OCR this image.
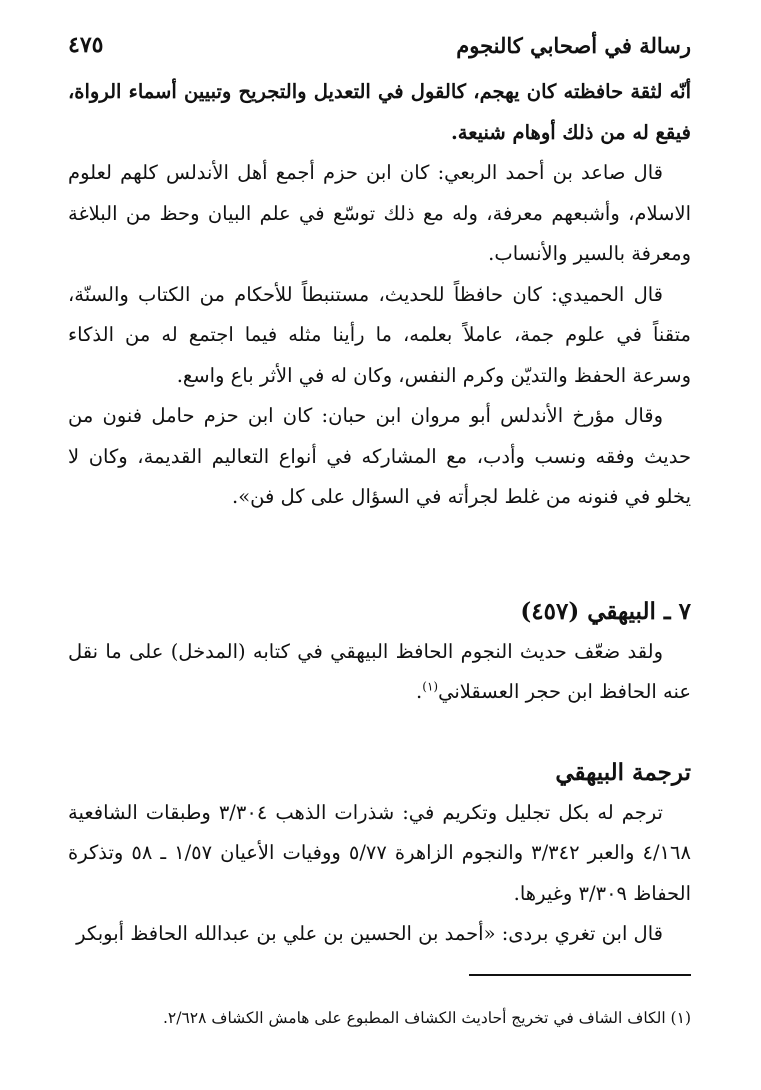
رسالة في أصحابي كالنجوم
٤٧٥

أنّه لثقة حافظته كان يهجم، كالقول في التعديل والتجريح وتبيين أسماء الرواة، فيقع له من ذلك أوهام شنيعة.

قال صاعد بن أحمد الربعي: كان ابن حزم أجمع أهل الأندلس كلهم لعلوم الاسلام، وأشبعهم معرفة، وله مع ذلك توسّع في علم البيان وحظ من البلاغة ومعرفة بالسير والأنساب.

قال الحميدي: كان حافظاً للحديث، مستنبطاً للأحكام من الكتاب والسنّة، متقناً في علوم جمة، عاملاً بعلمه، ما رأينا مثله فيما اجتمع له من الذكاء وسرعة الحفظ والتديّن وكرم النفس، وكان له في الأثر باع واسع.

وقال مؤرخ الأندلس أبو مروان ابن حبان: كان ابن حزم حامل فنون من حديث وفقه ونسب وأدب، مع المشاركه في أنواع التعاليم القديمة، وكان لا يخلو في فنونه من غلط لجرأته في السؤال على كل فن».

٧ ـ البيهقي (٤٥٧)

ولقد ضعّف حديث النجوم الحافظ البيهقي في كتابه (المدخل) على ما نقل عنه الحافظ ابن حجر العسقلاني$^{(١)}$.

ترجمة البيهقي

ترجم له بكل تجليل وتكريم في: شذرات الذهب ٣/٣٠٤ وطبقات الشافعية ٤/١٦٨ والعبر ٣/٣٤٢ والنجوم الزاهرة ٥/٧٧ ووفيات الأعيان ١/٥٧ ـ ٥٨ وتذكرة الحفاظ ٣/٣٠٩ وغيرها.

قال ابن تغري بردى: «أحمد بن الحسين بن علي بن عبدالله الحافظ أبوبكر

(١) الكاف الشاف في تخريج أحاديث الكشاف المطبوع على هامش الكشاف ٢/٦٢٨.
